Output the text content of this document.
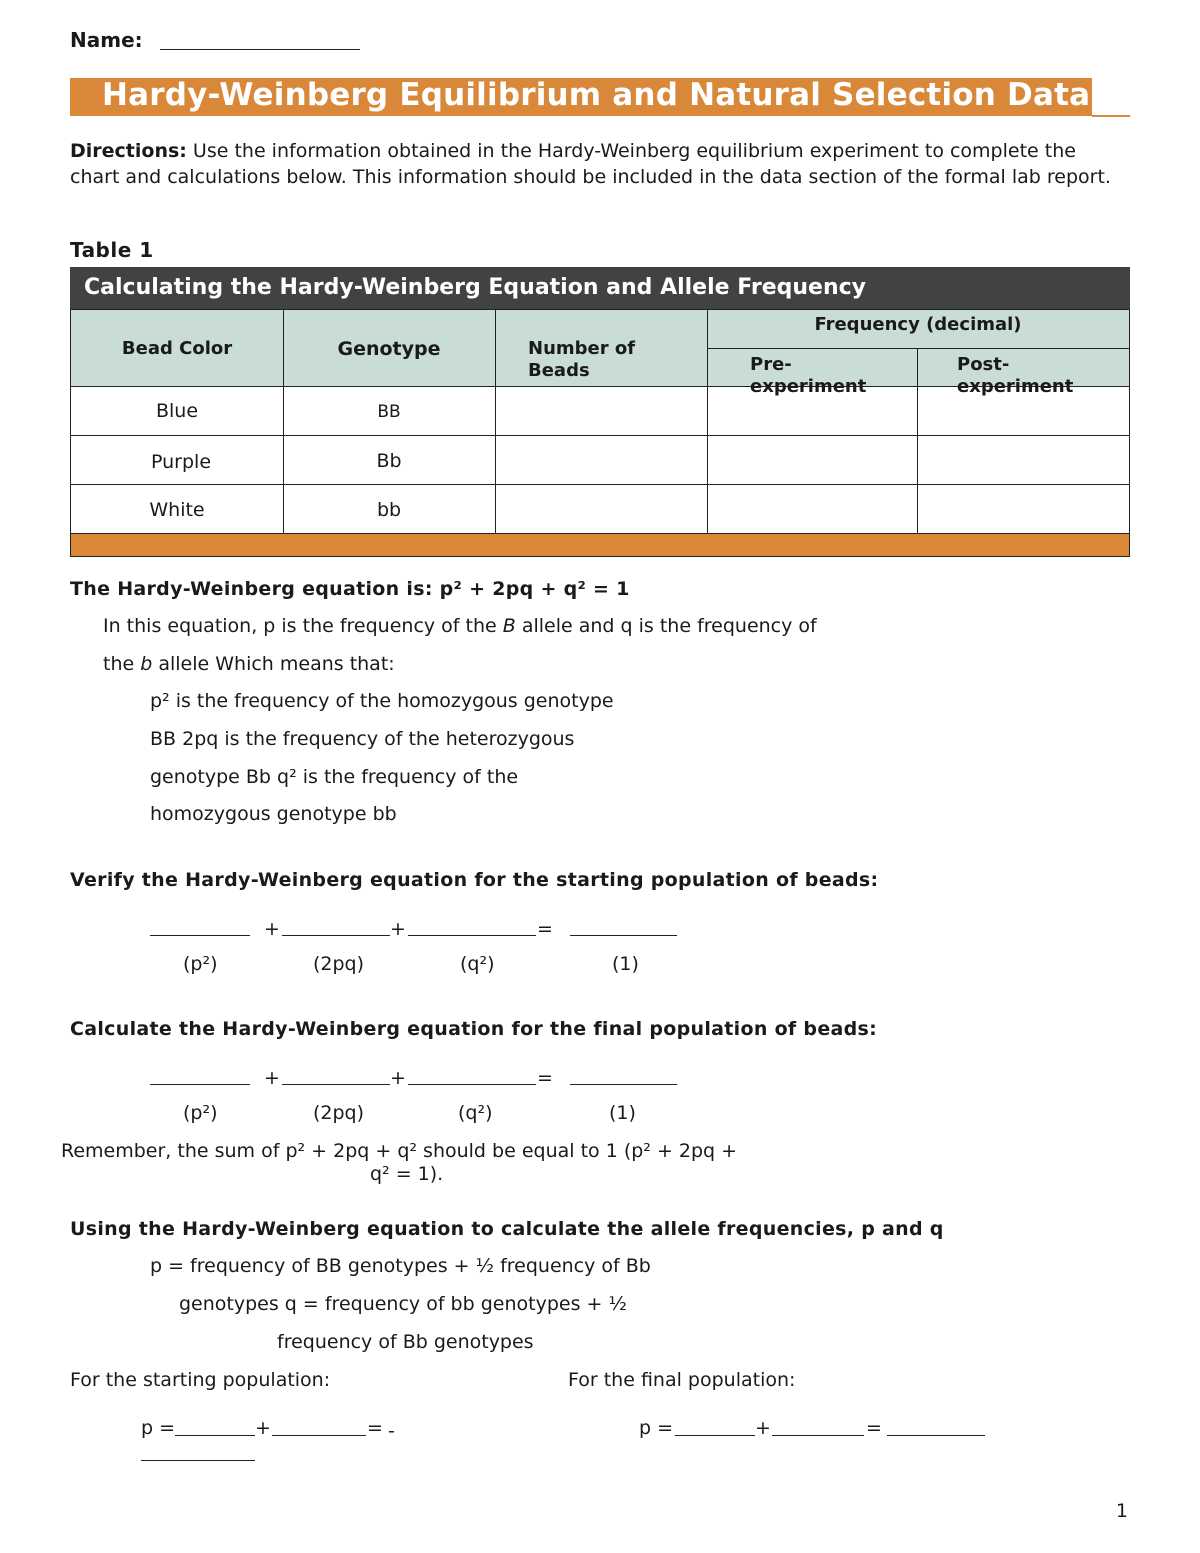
Name:
Hardy-Weinberg Equilibrium and Natural Selection Data
Directions: Use the information obtained in the Hardy-Weinberg equilibrium experiment to complete the chart and calculations below. This information should be included in the data section of the formal lab report.
Table 1
Calculating the Hardy-Weinberg Equation and Allele Frequency
Bead Color	Genotype	Number of Beads
Frequency (decimal)
Pre-experiment
Post-experiment
Blue	BB
Purple	Bb
White	bb
The Hardy-Weinberg equation is: p² + 2pq + q² = 1
In this equation, p is the frequency of the B allele and q is the frequency of
the b allele Which means that:
p² is the frequency of the homozygous genotype
BB 2pq is the frequency of the heterozygous
genotype Bb q² is the frequency of the
homozygous genotype bb
Verify the Hardy-Weinberg equation for the starting population of beads:
+	+	=
(p²)	(2pq)	(q²)	(1)
Calculate the Hardy-Weinberg equation for the final population of beads:
+	+	=
(p²)	(2pq)	(q²)	(1)
Remember, the sum of p² + 2pq + q² should be equal to 1 (p² + 2pq +
q² = 1).
Using the Hardy-Weinberg equation to calculate the allele frequencies, p and q
p = frequency of BB genotypes + ½ frequency of Bb
genotypes q = frequency of bb genotypes + ½
frequency of Bb genotypes
For the starting population:	For the final population:
p =	+	= -	p =	+	=
1
